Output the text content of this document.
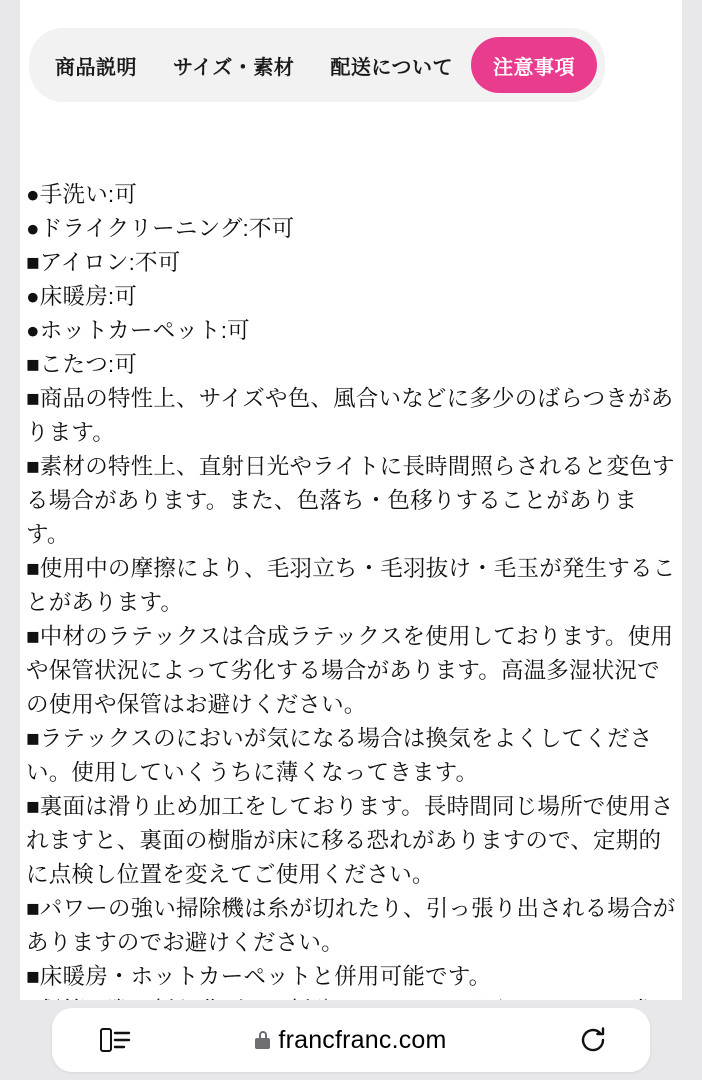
商品説明	サイズ・素材	配送について	注意事項
●手洗い:可
●ドライクリーニング:不可
■アイロン:不可
●床暖房:可
●ホットカーペット:可
■こたつ:可
■商品の特性上、サイズや色、風合いなどに多少のばらつきがあります。
■素材の特性上、直射日光やライトに長時間照らされると変色する場合があります。また、色落ち・色移りすることがあります。
■使用中の摩擦により、毛羽立ち・毛羽抜け・毛玉が発生することがあります。
■中材のラテックスは合成ラテックスを使用しております。使用や保管状況によって劣化する場合があります。高温多湿状況での使用や保管はお避けください。
■ラテックスのにおいが気になる場合は換気をよくしてください。使用していくうちに薄くなってきます。
■裏面は滑り止め加工をしております。長時間同じ場所で使用されますと、裏面の樹脂が床に移る恐れがありますので、定期的に点検し位置を変えてご使用ください。
■パワーの強い掃除機は糸が切れたり、引っ張り出される場合がありますのでお避けください。
■床暖房・ホットカーペットと併用可能です。
francfranc.com
